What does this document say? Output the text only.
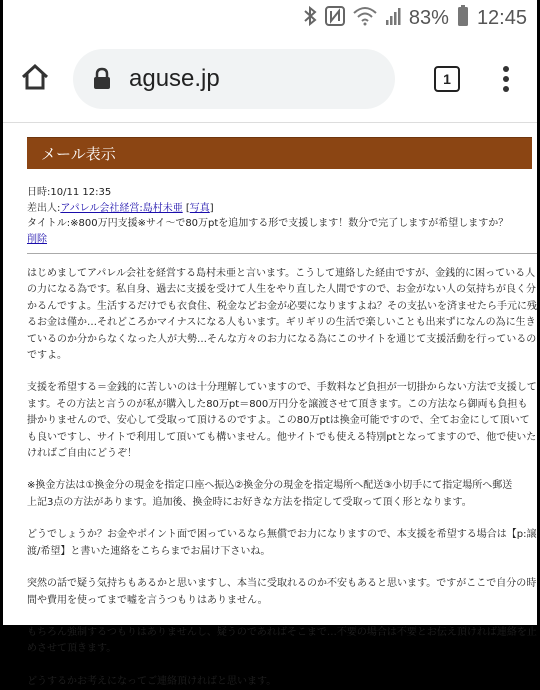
83% 12:45
aguse.jp	1
メール表示
日時:10/11 12:35
差出人:アパレル会社経営:島村未亜 [写真]
タイトル:※800万円支援※サイ～で80万ptを追加する形で支援します！数分で完了しますが希望しますか？
削除

はじめましてアパレル会社を経営する島村未亜と言います。こうして連絡した経由ですが、金銭的に困っている人の力になる為です。私自身、過去に支援を受けて人生をやり直した人間ですので、お金がない人の気持ちが良く分かるんですよ。生活するだけでも衣食住、税金などお金が必要になりますよね？その支払いを済ませたら手元に残るお金は僅か…それどころかマイナスになる人もいます。ギリギリの生活で楽しいことも出来ずになんの為に生きているのか分からなくなった人が大勢…そんな方々のお力になる為にこのサイトを通じて支援活動を行っているのですよ。

支援を希望する＝金銭的に苦しいのは十分理解していますので、手数料など負担が一切掛からない方法で支援してます。その方法と言うのが私が購入した80万pt＝800万円分を譲渡させて頂きます。この方法なら御両も負担も掛かりませんので、安心して受取って頂けるのですよ。この80万ptは換金可能ですので、全てお金にして頂いても良いですし、サイトで利用して頂いても構いません。他サイトでも使える特別ptとなってますので、他で使いたければご自由にどうぞ！

※換金方法は①換金分の現金を指定口座へ振込②換金分の現金を指定場所へ配送③小切手にて指定場所へ郵送
上記3点の方法があります。追加後、換金時にお好きな方法を指定して受取って頂く形となります。

どうでしょうか？お金やポイント面で困っているなら無償でお力になりますので、本支援を希望する場合は【p:譲渡/希望】と書いた連絡をこちらまでお届け下さいね。

突然の話で疑う気持ちもあるかと思いますし、本当に受取れるのか不安もあると思います。ですがここで自分の時間や費用を使ってまで嘘を言うつもりはありません。

もちろん強制するつもりはありませんし、疑うのであればそこまで…不要の場合は不要とお伝え頂ければ連絡を止めさせて頂きます。

どうするかお考えになってご連絡頂ければと思います。
